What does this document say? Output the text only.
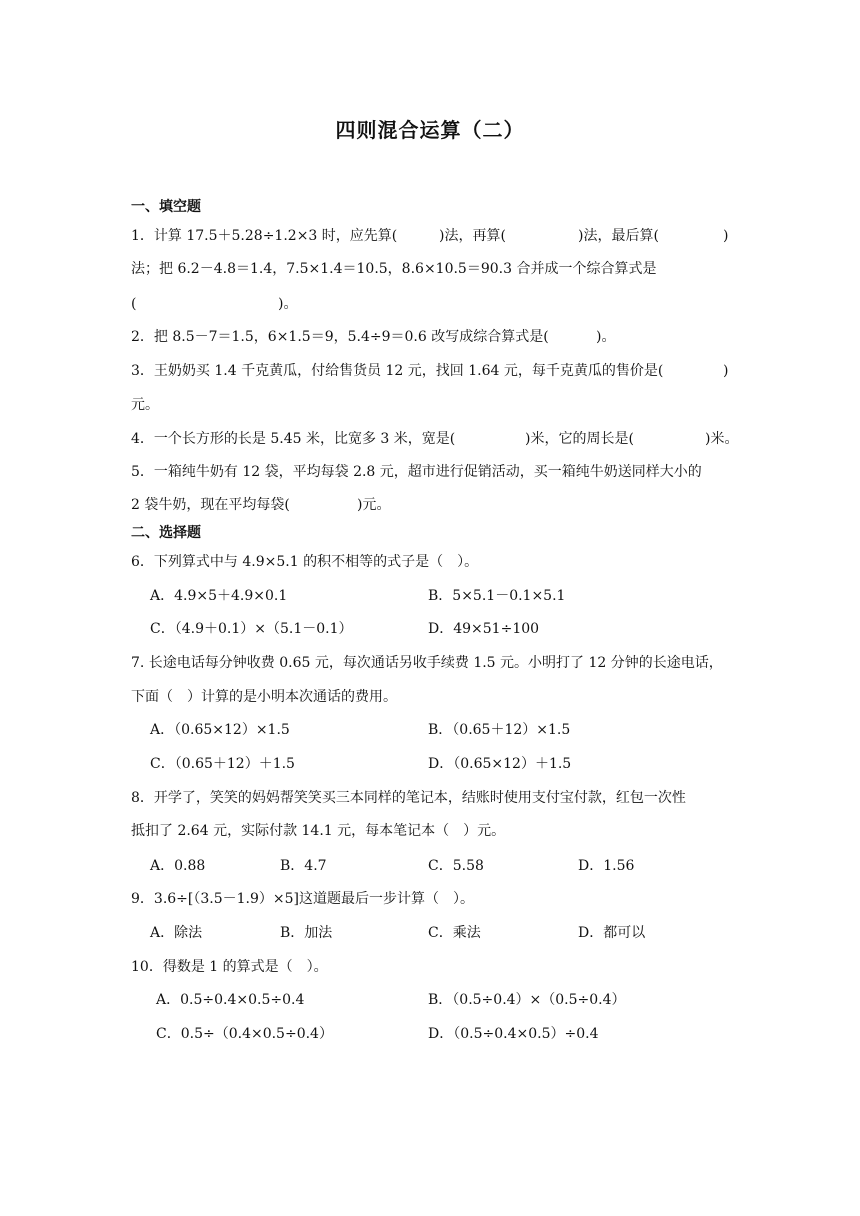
四则混合运算（二）
一、填空题
1．计算 17.5＋5.28÷1.2×3 时，应先算(	)法，再算(	)法，最后算(	)
法；把 6.2－4.8＝1.4，7.5×1.4＝10.5，8.6×10.5＝90.3 合并成一个综合算式是
(	)。
2．把 8.5－7＝1.5，6×1.5＝9，5.4÷9＝0.6 改写成综合算式是(	)。
3．王奶奶买 1.4 千克黄瓜，付给售货员 12 元，找回 1.64 元，每千克黄瓜的售价是(	)
元。
4．一个长方形的长是 5.45 米，比宽多 3 米，宽是(	)米，它的周长是(	)米。
5．一箱纯牛奶有 12 袋，平均每袋 2.8 元，超市进行促销活动，买一箱纯牛奶送同样大小的
2 袋牛奶，现在平均每袋(	)元。
二、选择题
6．下列算式中与 4.9×5.1 的积不相等的式子是（　）。
A．4.9×5＋4.9×0.1	B．5×5.1－0.1×5.1
C．（4.9＋0.1）×（5.1－0.1）	D．49×51÷100
7. 长途电话每分钟收费 0.65 元，每次通话另收手续费 1.5 元。小明打了 12 分钟的长途电话，
下面（　）计算的是小明本次通话的费用。
A．（0.65×12）×1.5	B．（0.65＋12）×1.5
C．（0.65＋12）＋1.5	D．（0.65×12）＋1.5
8．开学了，笑笑的妈妈帮笑笑买三本同样的笔记本，结账时使用支付宝付款，红包一次性
抵扣了 2.64 元，实际付款 14.1 元，每本笔记本（　）元。
A．0.88	B．4.7	C．5.58	D．1.56
9．3.6÷[（3.5－1.9）×5]这道题最后一步计算（　）。
A．除法	B．加法	C．乘法	D．都可以
10．得数是 1 的算式是（　）。
A．0.5÷0.4×0.5÷0.4	B．（0.5÷0.4）×（0.5÷0.4）
C．0.5÷（0.4×0.5÷0.4）	D．（0.5÷0.4×0.5）÷0.4
